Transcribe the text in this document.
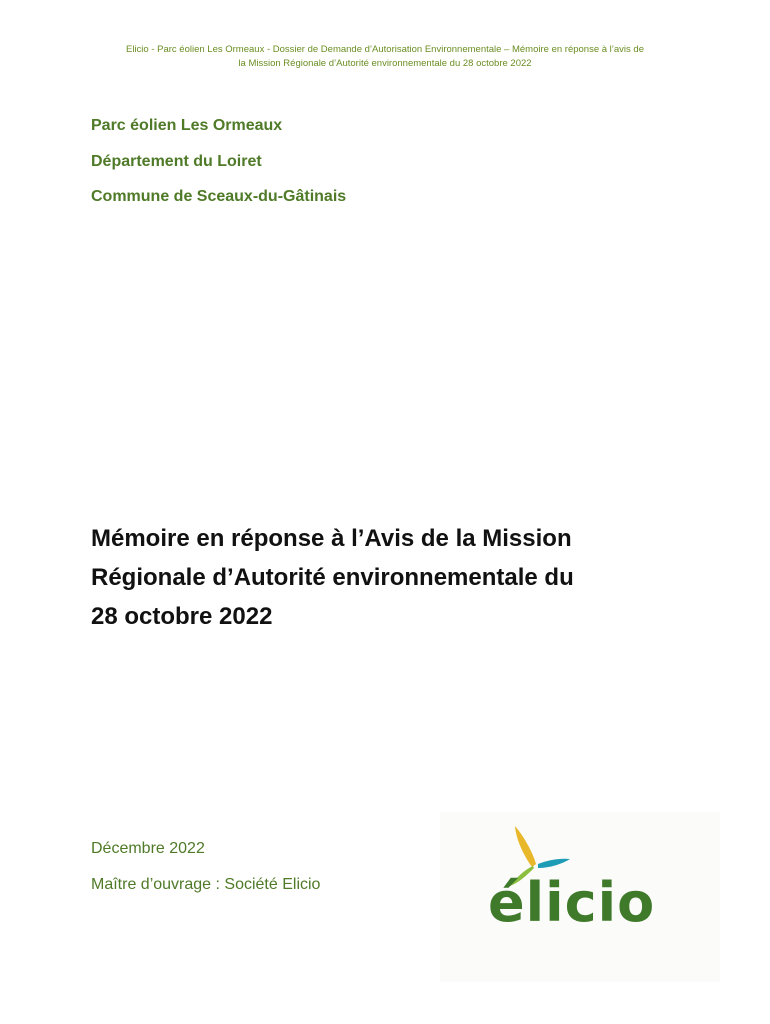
Elicio - Parc éolien Les Ormeaux - Dossier de Demande d’Autorisation Environnementale – Mémoire en réponse à l’avis de
la Mission Régionale d’Autorité environnementale du 28 octobre 2022
Parc éolien Les Ormeaux
Département du Loiret
Commune de Sceaux-du-Gâtinais
Mémoire en réponse à l’Avis de la Mission
Régionale d’Autorité environnementale du
28 octobre 2022
Décembre 2022
Maître d’ouvrage : Société Elicio	élicio
